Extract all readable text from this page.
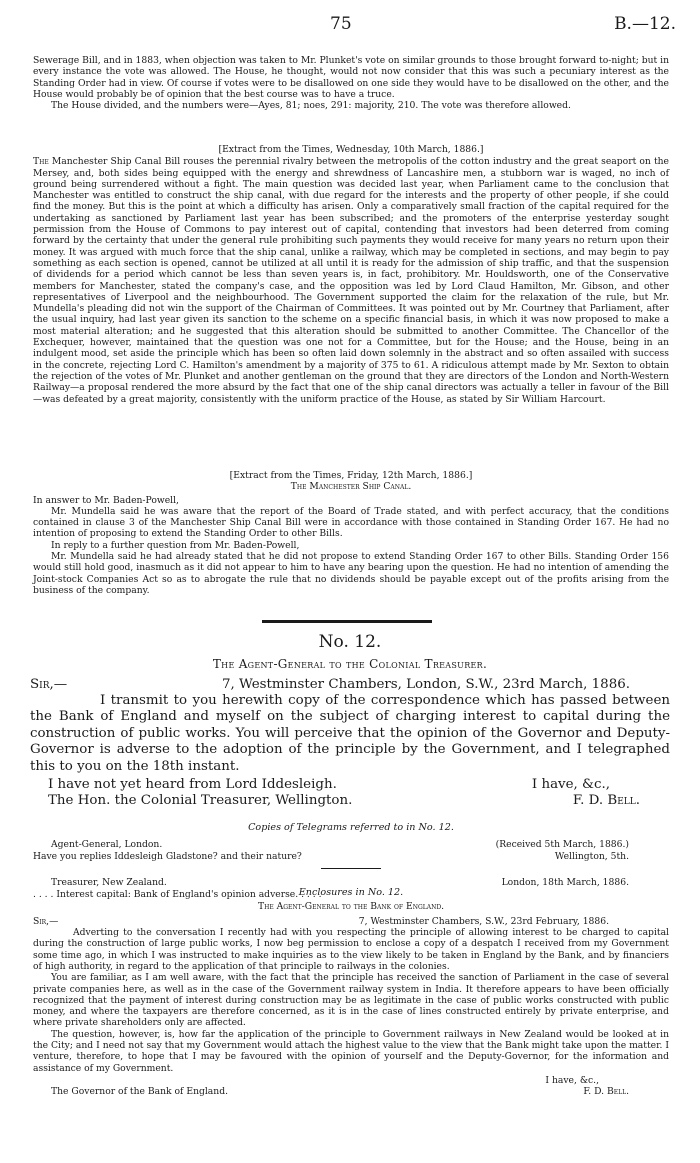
75	B.—12.

Sewerage Bill, and in 1883, when objection was taken to Mr. Plunket's vote on similar grounds to those brought forward to-night; but in every instance the vote was allowed. The House, he thought, would not now consider that this was such a pecuniary interest as the Standing Order had in view. Of course if votes were to be disallowed on one side they would have to be disallowed on the other, and the House would probably be of opinion that the best course was to have a truce.

The House divided, and the numbers were—Ayes, 81; noes, 291: majority, 210. The vote was therefore allowed.

[Extract from the Times, Wednesday, 10th March, 1886.]

The Manchester Ship Canal Bill rouses the perennial rivalry between the metropolis of the cotton industry and the great seaport on the Mersey, and, both sides being equipped with the energy and shrewdness of Lancashire men, a stubborn war is waged, no inch of ground being surrendered without a fight. The main question was decided last year, when Parliament came to the conclusion that Manchester was entitled to construct the ship canal, with due regard for the interests and the property of other people, if she could find the money. But this is the point at which a difficulty has arisen. Only a comparatively small fraction of the capital required for the undertaking as sanctioned by Parliament last year has been subscribed; and the promoters of the enterprise yesterday sought permission from the House of Commons to pay interest out of capital, contending that investors had been deterred from coming forward by the certainty that under the general rule prohibiting such payments they would receive for many years no return upon their money. It was argued with much force that the ship canal, unlike a railway, which may be completed in sections, and may begin to pay something as each section is opened, cannot be utilized at all until it is ready for the admission of ship traffic, and that the suspension of dividends for a period which cannot be less than seven years is, in fact, prohibitory. Mr. Houldsworth, one of the Conservative members for Manchester, stated the company's case, and the opposition was led by Lord Claud Hamilton, Mr. Gibson, and other representatives of Liverpool and the neighbourhood. The Government supported the claim for the relaxation of the rule, but Mr. Mundella's pleading did not win the support of the Chairman of Committees. It was pointed out by Mr. Courtney that Parliament, after the usual inquiry, had last year given its sanction to the scheme on a specific financial basis, in which it was now proposed to make a most material alteration; and he suggested that this alteration should be submitted to another Committee. The Chancellor of the Exchequer, however, maintained that the question was one not for a Committee, but for the House; and the House, being in an indulgent mood, set aside the principle which has been so often laid down solemnly in the abstract and so often assailed with success in the concrete, rejecting Lord C. Hamilton's amendment by a majority of 375 to 61. A ridiculous attempt made by Mr. Sexton to obtain the rejection of the votes of Mr. Plunket and another gentleman on the ground that they are directors of the London and North-Western Railway—a proposal rendered the more absurd by the fact that one of the ship canal directors was actually a teller in favour of the Bill—was defeated by a great majority, consistently with the uniform practice of the House, as stated by Sir William Harcourt.

[Extract from the Times, Friday, 12th March, 1886.]

The Manchester Ship Canal.

In answer to Mr. Baden-Powell,

Mr. Mundella said he was aware that the report of the Board of Trade stated, and with perfect accuracy, that the conditions contained in clause 3 of the Manchester Ship Canal Bill were in accordance with those contained in Standing Order 167. He had no intention of proposing to extend the Standing Order to other Bills.

In reply to a further question from Mr. Baden-Powell,

Mr. Mundella said he had already stated that he did not propose to extend Standing Order 167 to other Bills. Standing Order 156 would still hold good, inasmuch as it did not appear to him to have any bearing upon the question. He had no intention of amending the Joint-stock Companies Act so as to abrogate the rule that no dividends should be payable except out of the profits arising from the business of the company.

No. 12.
The Agent-General to the Colonial Treasurer.
Sir,—	7, Westminster Chambers, London, S.W., 23rd March, 1886.

I transmit to you herewith copy of the correspondence which has passed between the Bank of England and myself on the subject of charging interest to capital during the construction of public works. You will perceive that the opinion of the Governor and Deputy-Governor is adverse to the adoption of the principle by the Government, and I telegraphed this to you on the 18th instant.

I have not yet heard from Lord Iddesleigh.	I have, &c.,
The Hon. the Colonial Treasurer, Wellington.	F. D. Bell.

Copies of Telegrams referred to in No. 12.

Agent-General, London.	(Received 5th March, 1886.)
Have you replies Iddesleigh Gladstone? and their nature?	Wellington, 5th.
Treasurer, New Zealand.	London, 18th March, 1886.
. . . . Interest capital: Bank of England's opinion adverse. . . . .

Enclosures in No. 12.

The Agent-General to the Bank of England.

Sir,—	7, Westminster Chambers, S.W., 23rd February, 1886.

Adverting to the conversation I recently had with you respecting the principle of allowing interest to be charged to capital during the construction of large public works, I now beg permission to enclose a copy of a despatch I received from my Government some time ago, in which I was instructed to make inquiries as to the view likely to be taken in England by the Bank, and by financiers of high authority, in regard to the application of that principle to railways in the colonies.

You are familiar, as I am well aware, with the fact that the principle has received the sanction of Parliament in the case of several private companies here, as well as in the case of the Government railway system in India. It therefore appears to have been officially recognized that the payment of interest during construction may be as legitimate in the case of public works constructed with public money, and where the taxpayers are therefore concerned, as it is in the case of lines constructed entirely by private enterprise, and where private shareholders only are affected.

The question, however, is, how far the application of the principle to Government railways in New Zealand would be looked at in the City; and I need not say that my Government would attach the highest value to the view that the Bank might take upon the matter. I venture, therefore, to hope that I may be favoured with the opinion of yourself and the Deputy-Governor, for the information and assistance of my Government.

I have, &c.,
The Governor of the Bank of England.	F. D. Bell.
